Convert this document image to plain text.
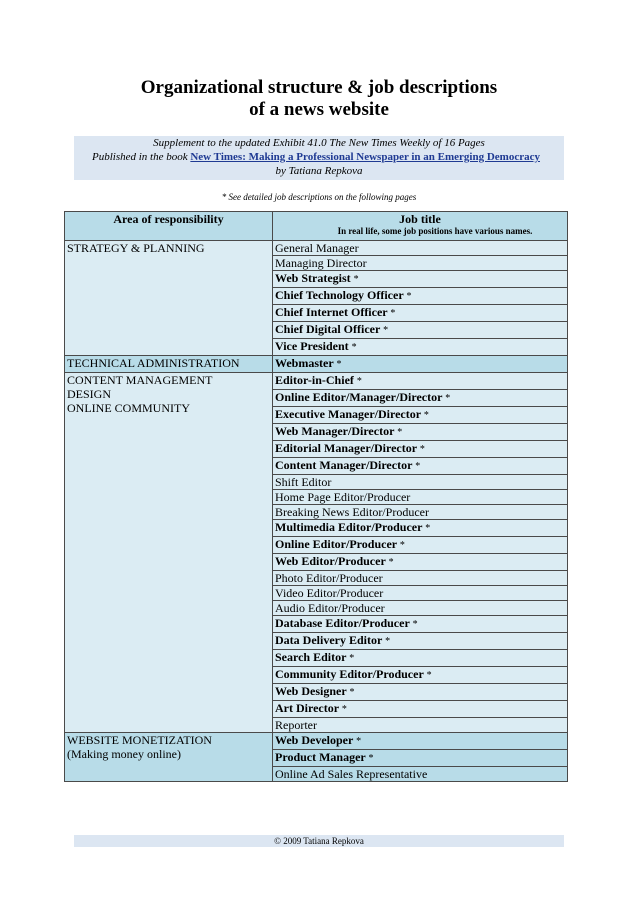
Organizational structure & job descriptions
of a news website
Supplement to the updated Exhibit 41.0 The New Times Weekly of 16 Pages
Published in the book New Times: Making a Professional Newspaper in an Emerging Democracy
by Tatiana Repkova
* See detailed job descriptions on the following pages
Area of responsibility	Job title
In real life, some job positions have various names.

STRATEGY & PLANNING	General Manager
	Managing Director
	Web Strategist *
	Chief Technology Officer *
	Chief Internet Officer *
	Chief Digital Officer *
	Vice President *

TECHNICAL ADMINISTRATION	Webmaster *

CONTENT MANAGEMENT
DESIGN
ONLINE COMMUNITY	Editor-in-Chief *
	Online Editor/Manager/Director *
	Executive Manager/Director *
	Web Manager/Director *
	Editorial Manager/Director *
	Content Manager/Director *
	Shift Editor
	Home Page Editor/Producer
	Breaking News Editor/Producer
	Multimedia Editor/Producer *
	Online Editor/Producer *
	Web Editor/Producer *
	Photo Editor/Producer
	Video Editor/Producer
	Audio Editor/Producer
	Database Editor/Producer *
	Data Delivery Editor *
	Search Editor *
	Community Editor/Producer *
	Web Designer *
	Art Director *
	Reporter

WEBSITE MONETIZATION
(Making money online)	Web Developer *
	Product Manager *
	Online Ad Sales Representative
© 2009 Tatiana Repkova
